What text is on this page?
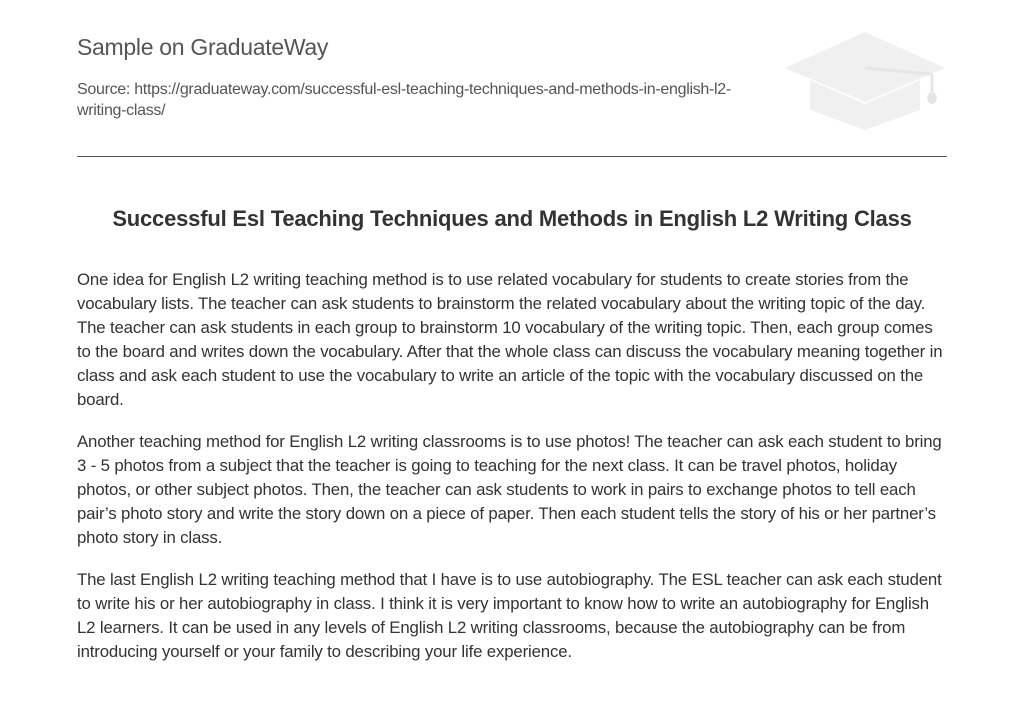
Sample on GraduateWay
Source: https://graduateway.com/successful-esl-teaching-techniques-and-methods-in-english-l2-writing-class/
Successful Esl Teaching Techniques and Methods in English L2 Writing Class

One idea for English L2 writing teaching method is to use related vocabulary for students to create stories from the vocabulary lists. The teacher can ask students to brainstorm the related vocabulary about the writing topic of the day. The teacher can ask students in each group to brainstorm 10 vocabulary of the writing topic. Then, each group comes to the board and writes down the vocabulary. After that the whole class can discuss the vocabulary meaning together in class and ask each student to use the vocabulary to write an article of the topic with the vocabulary discussed on the board.

Another teaching method for English L2 writing classrooms is to use photos! The teacher can ask each student to bring 3 - 5 photos from a subject that the teacher is going to teaching for the next class. It can be travel photos, holiday photos, or other subject photos. Then, the teacher can ask students to work in pairs to exchange photos to tell each pair’s photo story and write the story down on a piece of paper. Then each student tells the story of his or her partner’s photo story in class.

The last English L2 writing teaching method that I have is to use autobiography. The ESL teacher can ask each student to write his or her autobiography in class. I think it is very important to know how to write an autobiography for English L2 learners. It can be used in any levels of English L2 writing classrooms, because the autobiography can be from introducing yourself or your family to describing your life experience.
